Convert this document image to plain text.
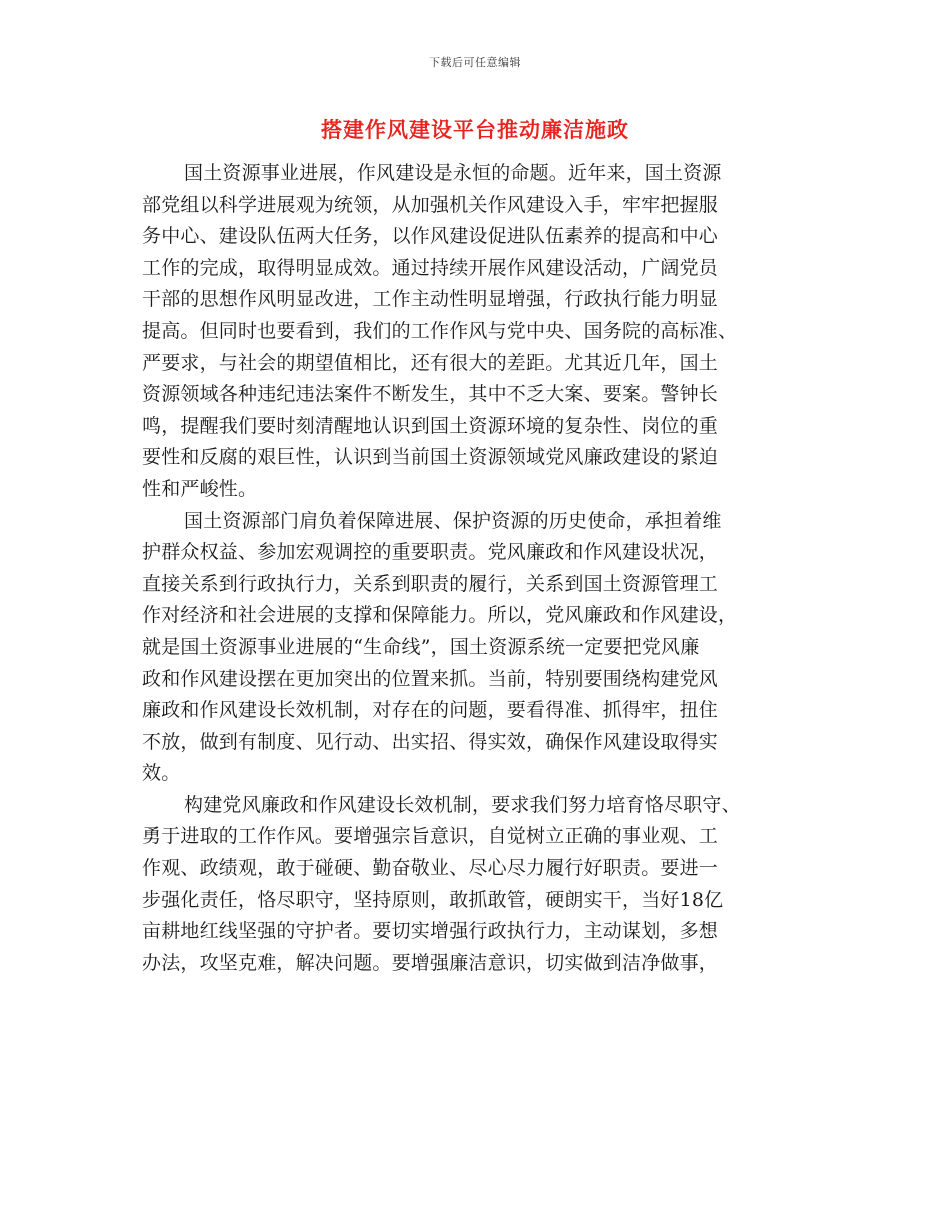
下载后可任意编辑
搭建作风建设平台推动廉洁施政
国土资源事业进展，作风建设是永恒的命题。近年来，国土资源
部党组以科学进展观为统领，从加强机关作风建设入手，牢牢把握服
务中心、建设队伍两大任务，以作风建设促进队伍素养的提高和中心
工作的完成，取得明显成效。通过持续开展作风建设活动，广阔党员
干部的思想作风明显改进，工作主动性明显增强，行政执行能力明显
提高。但同时也要看到，我们的工作作风与党中央、国务院的高标准、
严要求，与社会的期望值相比，还有很大的差距。尤其近几年，国土
资源领域各种违纪违法案件不断发生，其中不乏大案、要案。警钟长
鸣，提醒我们要时刻清醒地认识到国土资源环境的复杂性、岗位的重
要性和反腐的艰巨性，认识到当前国土资源领域党风廉政建设的紧迫
性和严峻性。
国土资源部门肩负着保障进展、保护资源的历史使命，承担着维
护群众权益、参加宏观调控的重要职责。党风廉政和作风建设状况，
直接关系到行政执行力，关系到职责的履行，关系到国土资源管理工
作对经济和社会进展的支撑和保障能力。所以，党风廉政和作风建设，
就是国土资源事业进展的“生命线”，国土资源系统一定要把党风廉
政和作风建设摆在更加突出的位置来抓。当前，特别要围绕构建党风
廉政和作风建设长效机制，对存在的问题，要看得准、抓得牢，扭住
不放，做到有制度、见行动、出实招、得实效，确保作风建设取得实
效。
构建党风廉政和作风建设长效机制，要求我们努力培育恪尽职守、
勇于进取的工作作风。要增强宗旨意识，自觉树立正确的事业观、工
作观、政绩观，敢于碰硬、勤奋敬业、尽心尽力履行好职责。要进一
步强化责任，恪尽职守，坚持原则，敢抓敢管，硬朗实干，当好18亿
亩耕地红线坚强的守护者。要切实增强行政执行力，主动谋划，多想
办法，攻坚克难，解决问题。要增强廉洁意识，切实做到洁净做事，
